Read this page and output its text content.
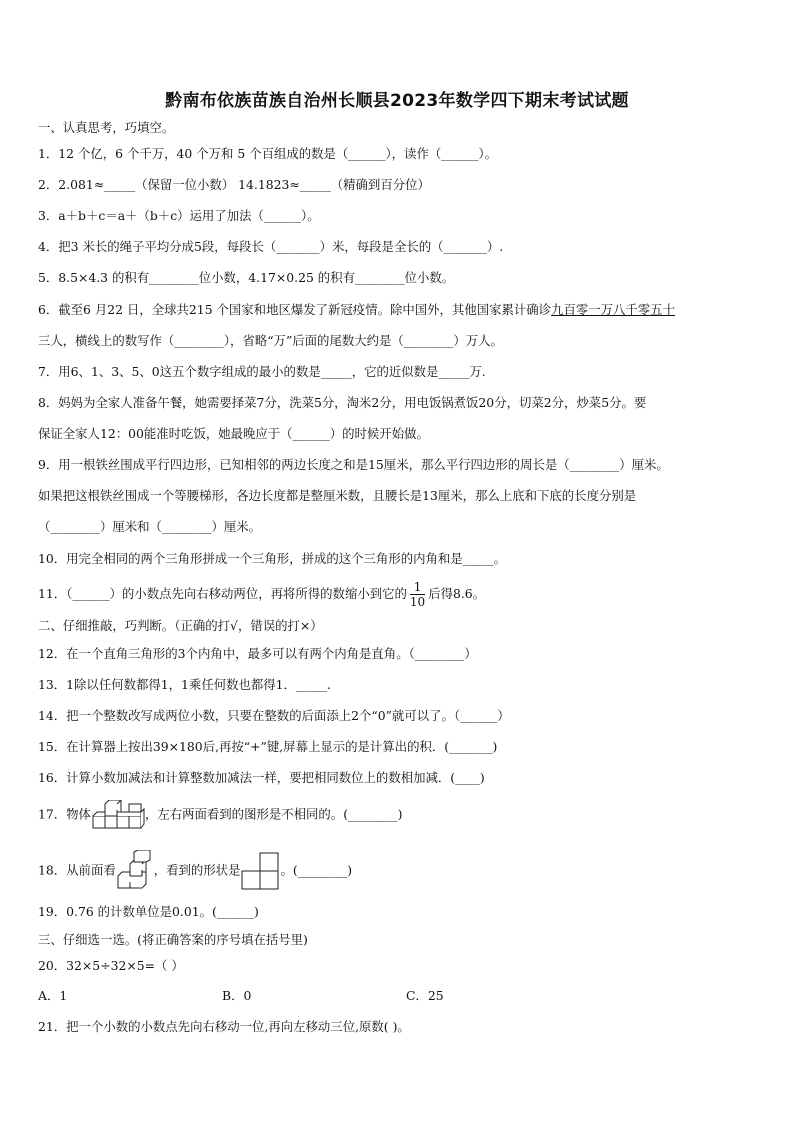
黔南布依族苗族自治州长顺县2023年数学四下期末考试试题
一、认真思考，巧填空。
1．12 个亿，6 个千万，40 个万和 5 个百组成的数是（______），读作（______）。
2．2.081≈_____（保留一位小数） 14.1823≈_____（精确到百分位）
3．a＋b＋c＝a＋（b＋c）运用了加法（______）。
4．把3 米长的绳子平均分成5段，每段长（_______）米，每段是全长的（_______）.
5．8.5×4.3 的积有________位小数，4.17×0.25 的积有________位小数。
6．截至6 月22 日，全球共215 个国家和地区爆发了新冠疫情。除中国外，其他国家累计确诊九百零一万八千零五十
三人，横线上的数写作（________），省略“万”后面的尾数大约是（________）万人。
7．用6、1、3、5、0这五个数字组成的最小的数是_____，它的近似数是_____万.
8．妈妈为全家人准备午餐，她需要择菜7分，洗菜5分，淘米2分，用电饭锅煮饭20分，切菜2分，炒菜5分。要
保证全家人12：00能准时吃饭，她最晚应于（______）的时候开始做。
9．用一根铁丝围成平行四边形，已知相邻的两边长度之和是15厘米，那么平行四边形的周长是（________）厘米。
如果把这根铁丝围成一个等腰梯形，各边长度都是整厘米数，且腰长是13厘米，那么上底和下底的长度分别是
（________）厘米和（________）厘米。
10．用完全相同的两个三角形拼成一个三角形，拼成的这个三角形的内角和是_____。
11．（______）的小数点先向右移动两位，再将所得的数缩小到它的 $\frac{1}{10}$ 后得8.6。
二、仔细推敲，巧判断。（正确的打√，错误的打×）
12．在一个直角三角形的3个内角中，最多可以有两个内角是直角。（________）
13．1除以任何数都得1，1乘任何数也都得1．_____.
14．把一个整数改写成两位小数，只要在整数的后面添上2个“0”就可以了。（______）
15．在计算器上按出39×180后,再按“+”键,屏幕上显示的是计算出的积．(_______)
16．计算小数加减法和计算整数加减法一样，要把相同数位上的数相加减．(____)
17．物体	，左右两面看到的图形是不相同的。(________)
18．从前面看	，看到的形状是	。(________)
19．0.76 的计数单位是0.01。(______)
三、仔细选一选。(将正确答案的序号填在括号里)
20．32×5÷32×5=（ ）
A．1	B．0	C．25
21．把一个小数的小数点先向右移动一位,再向左移动三位,原数( )。
